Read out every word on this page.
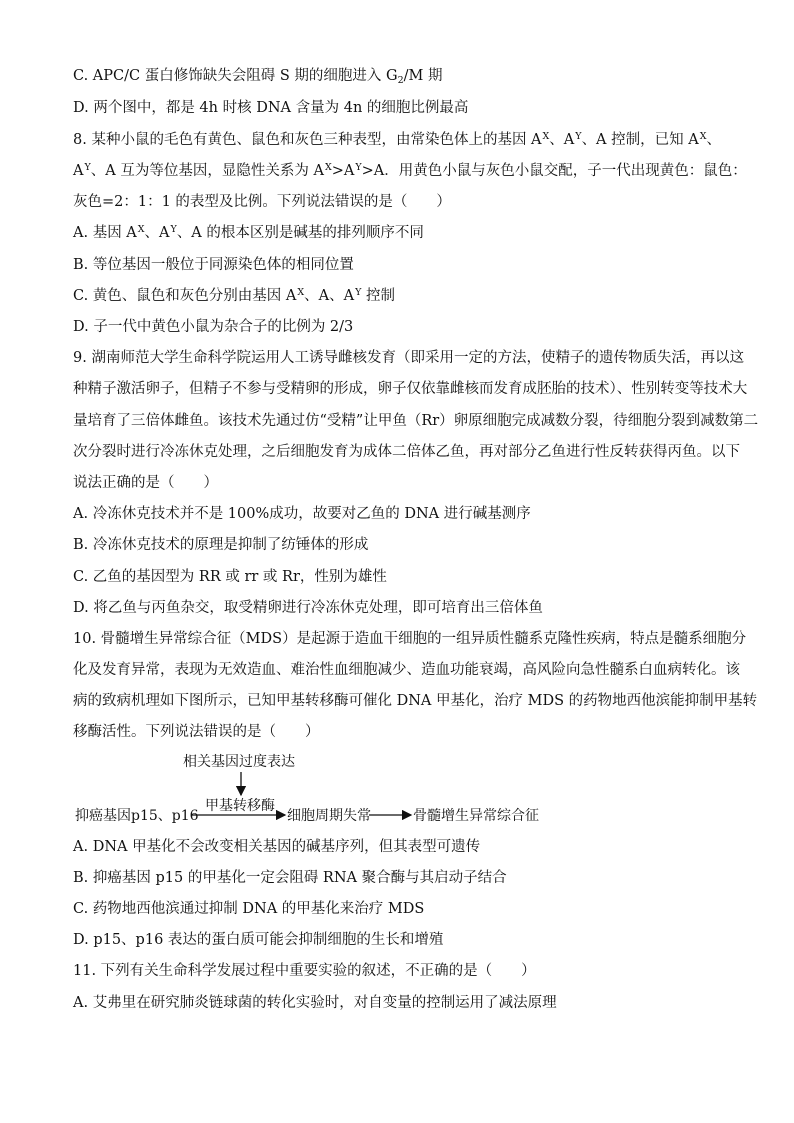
C. APC/C 蛋白修饰缺失会阻碍 S 期的细胞进入 $G_2/M$ 期
D. 两个图中，都是 4h 时核 DNA 含量为 4n 的细胞比例最高
8. 某种小鼠的毛色有黄色、鼠色和灰色三种表型，由常染色体上的基因 $A^X$、$A^Y$、A 控制，已知 $A^X$、
$A^Y$、A 互为等位基因，显隐性关系为 $A^X>A^Y>A$．用黄色小鼠与灰色小鼠交配，子一代出现黄色：鼠色：
灰色=2：1：1 的表型及比例。下列说法错误的是（　　）
A. 基因 $A^X$、$A^Y$、A 的根本区别是碱基的排列顺序不同
B. 等位基因一般位于同源染色体的相同位置
C. 黄色、鼠色和灰色分别由基因 $A^X$、A、$A^Y$ 控制
D. 子一代中黄色小鼠为杂合子的比例为 2/3
9. 湖南师范大学生命科学院运用人工诱导雌核发育（即采用一定的方法，使精子的遗传物质失活，再以这
种精子激活卵子，但精子不参与受精卵的形成，卵子仅依靠雌核而发育成胚胎的技术）、性别转变等技术大
量培育了三倍体雌鱼。该技术先通过仿“受精”让甲鱼（Rr）卵原细胞完成减数分裂，待细胞分裂到减数第二
次分裂时进行冷冻休克处理，之后细胞发育为成体二倍体乙鱼，再对部分乙鱼进行性反转获得丙鱼。以下
说法正确的是（　　）
A. 冷冻休克技术并不是 100%成功，故要对乙鱼的 DNA 进行碱基测序
B. 冷冻休克技术的原理是抑制了纺锤体的形成
C. 乙鱼的基因型为 RR 或 rr 或 Rr，性别为雄性
D. 将乙鱼与丙鱼杂交，取受精卵进行冷冻休克处理，即可培育出三倍体鱼
10. 骨髓增生异常综合征（MDS）是起源于造血干细胞的一组异质性髓系克隆性疾病，特点是髓系细胞分
化及发育异常，表现为无效造血、难治性血细胞减少、造血功能衰竭，高风险向急性髓系白血病转化。该
病的致病机理如下图所示，已知甲基转移酶可催化 DNA 甲基化，治疗 MDS 的药物地西他滨能抑制甲基转
移酶活性。下列说法错误的是（　　）
相关基因过度表达
甲基转移酶
抑癌基因p15、p16	细胞周期失常	骨髓增生异常综合征
A. DNA 甲基化不会改变相关基因的碱基序列，但其表型可遗传
B. 抑癌基因 p15 的甲基化一定会阻碍 RNA 聚合酶与其启动子结合
C. 药物地西他滨通过抑制 DNA 的甲基化来治疗 MDS
D. p15、p16 表达的蛋白质可能会抑制细胞的生长和增殖
11. 下列有关生命科学发展过程中重要实验的叙述，不正确的是（　　）
A. 艾弗里在研究肺炎链球菌的转化实验时，对自变量的控制运用了减法原理
